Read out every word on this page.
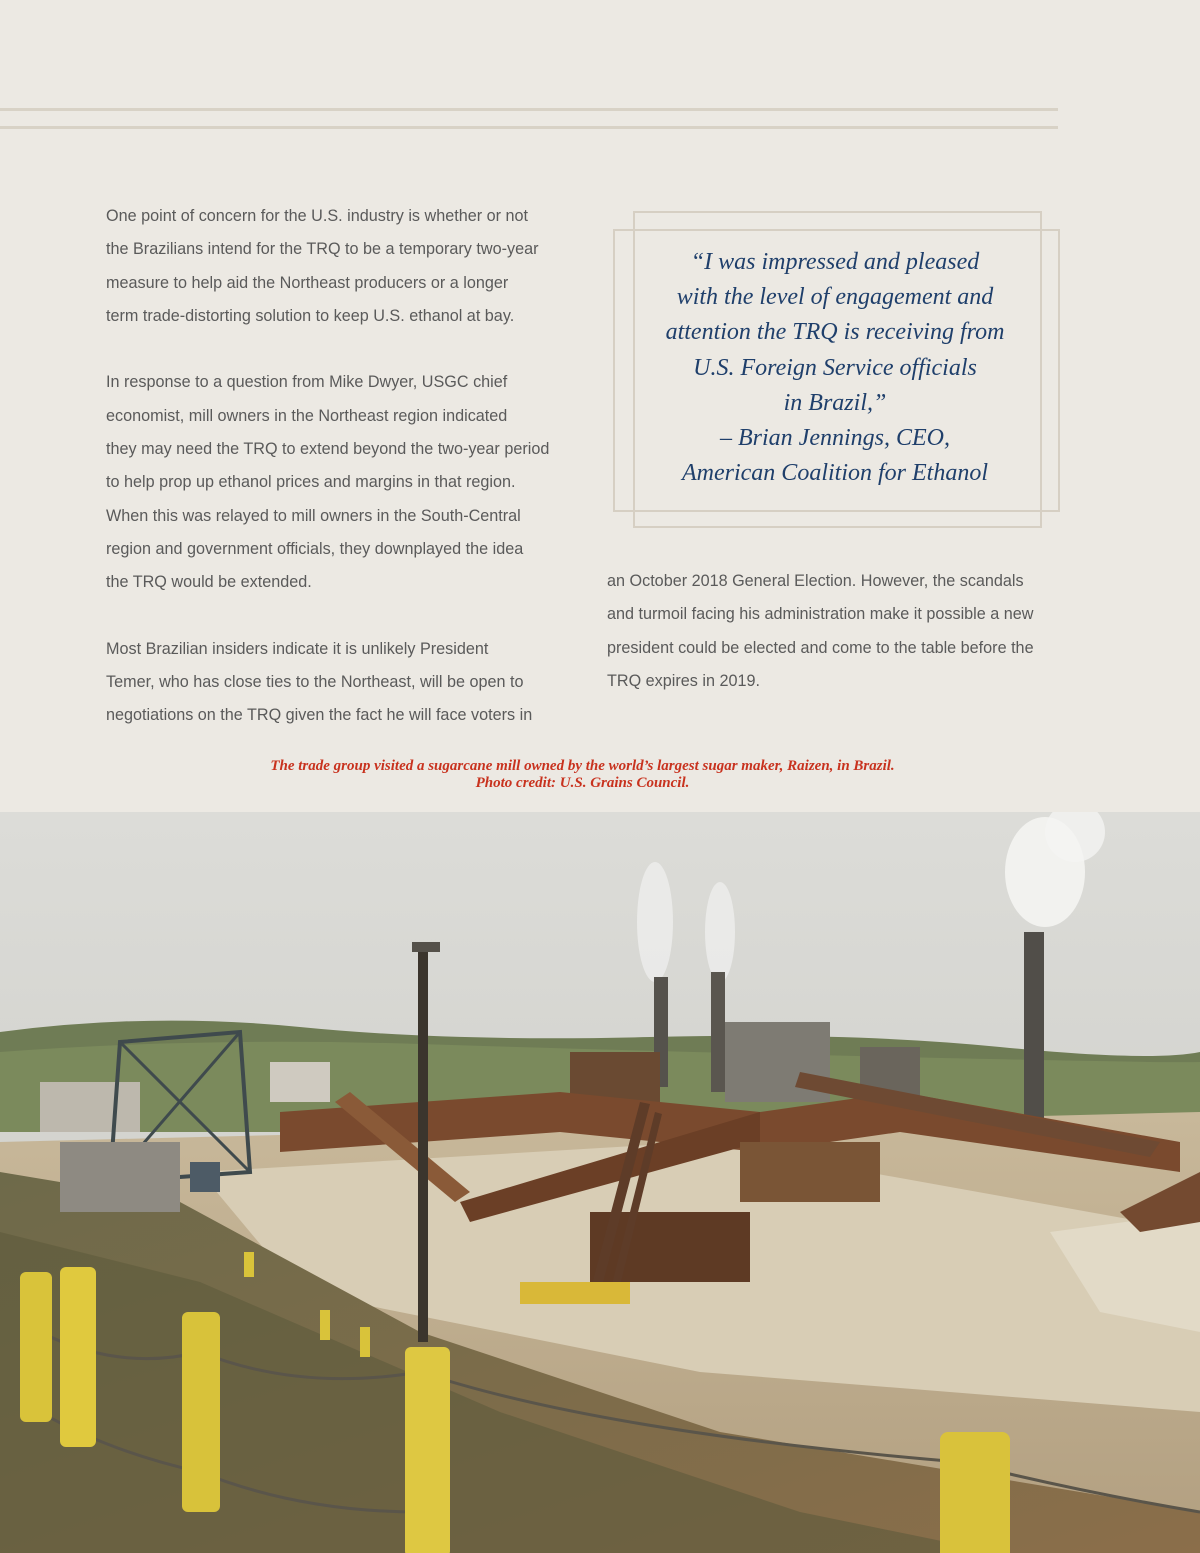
One point of concern for the U.S. industry is whether or not
the Brazilians intend for the TRQ to be a temporary two-year
measure to help aid the Northeast producers or a longer
term trade-distorting solution to keep U.S. ethanol at bay.

In response to a question from Mike Dwyer, USGC chief
economist, mill owners in the Northeast region indicated
they may need the TRQ to extend beyond the two-year period
to help prop up ethanol prices and margins in that region.
When this was relayed to mill owners in the South-Central
region and government officials, they downplayed the idea
the TRQ would be extended.

Most Brazilian insiders indicate it is unlikely President
Temer, who has close ties to the Northeast, will be open to
negotiations on the TRQ given the fact he will face voters in

“I was impressed and pleased
with the level of engagement and
attention the TRQ is receiving from
U.S. Foreign Service officials
in Brazil,”
– Brian Jennings, CEO,
American Coalition for Ethanol

an October 2018 General Election. However, the scandals
and turmoil facing his administration make it possible a new
president could be elected and come to the table before the
TRQ expires in 2019.

The trade group visited a sugarcane mill owned by the world’s largest sugar maker, Raizen, in Brazil.
Photo credit: U.S. Grains Council.
